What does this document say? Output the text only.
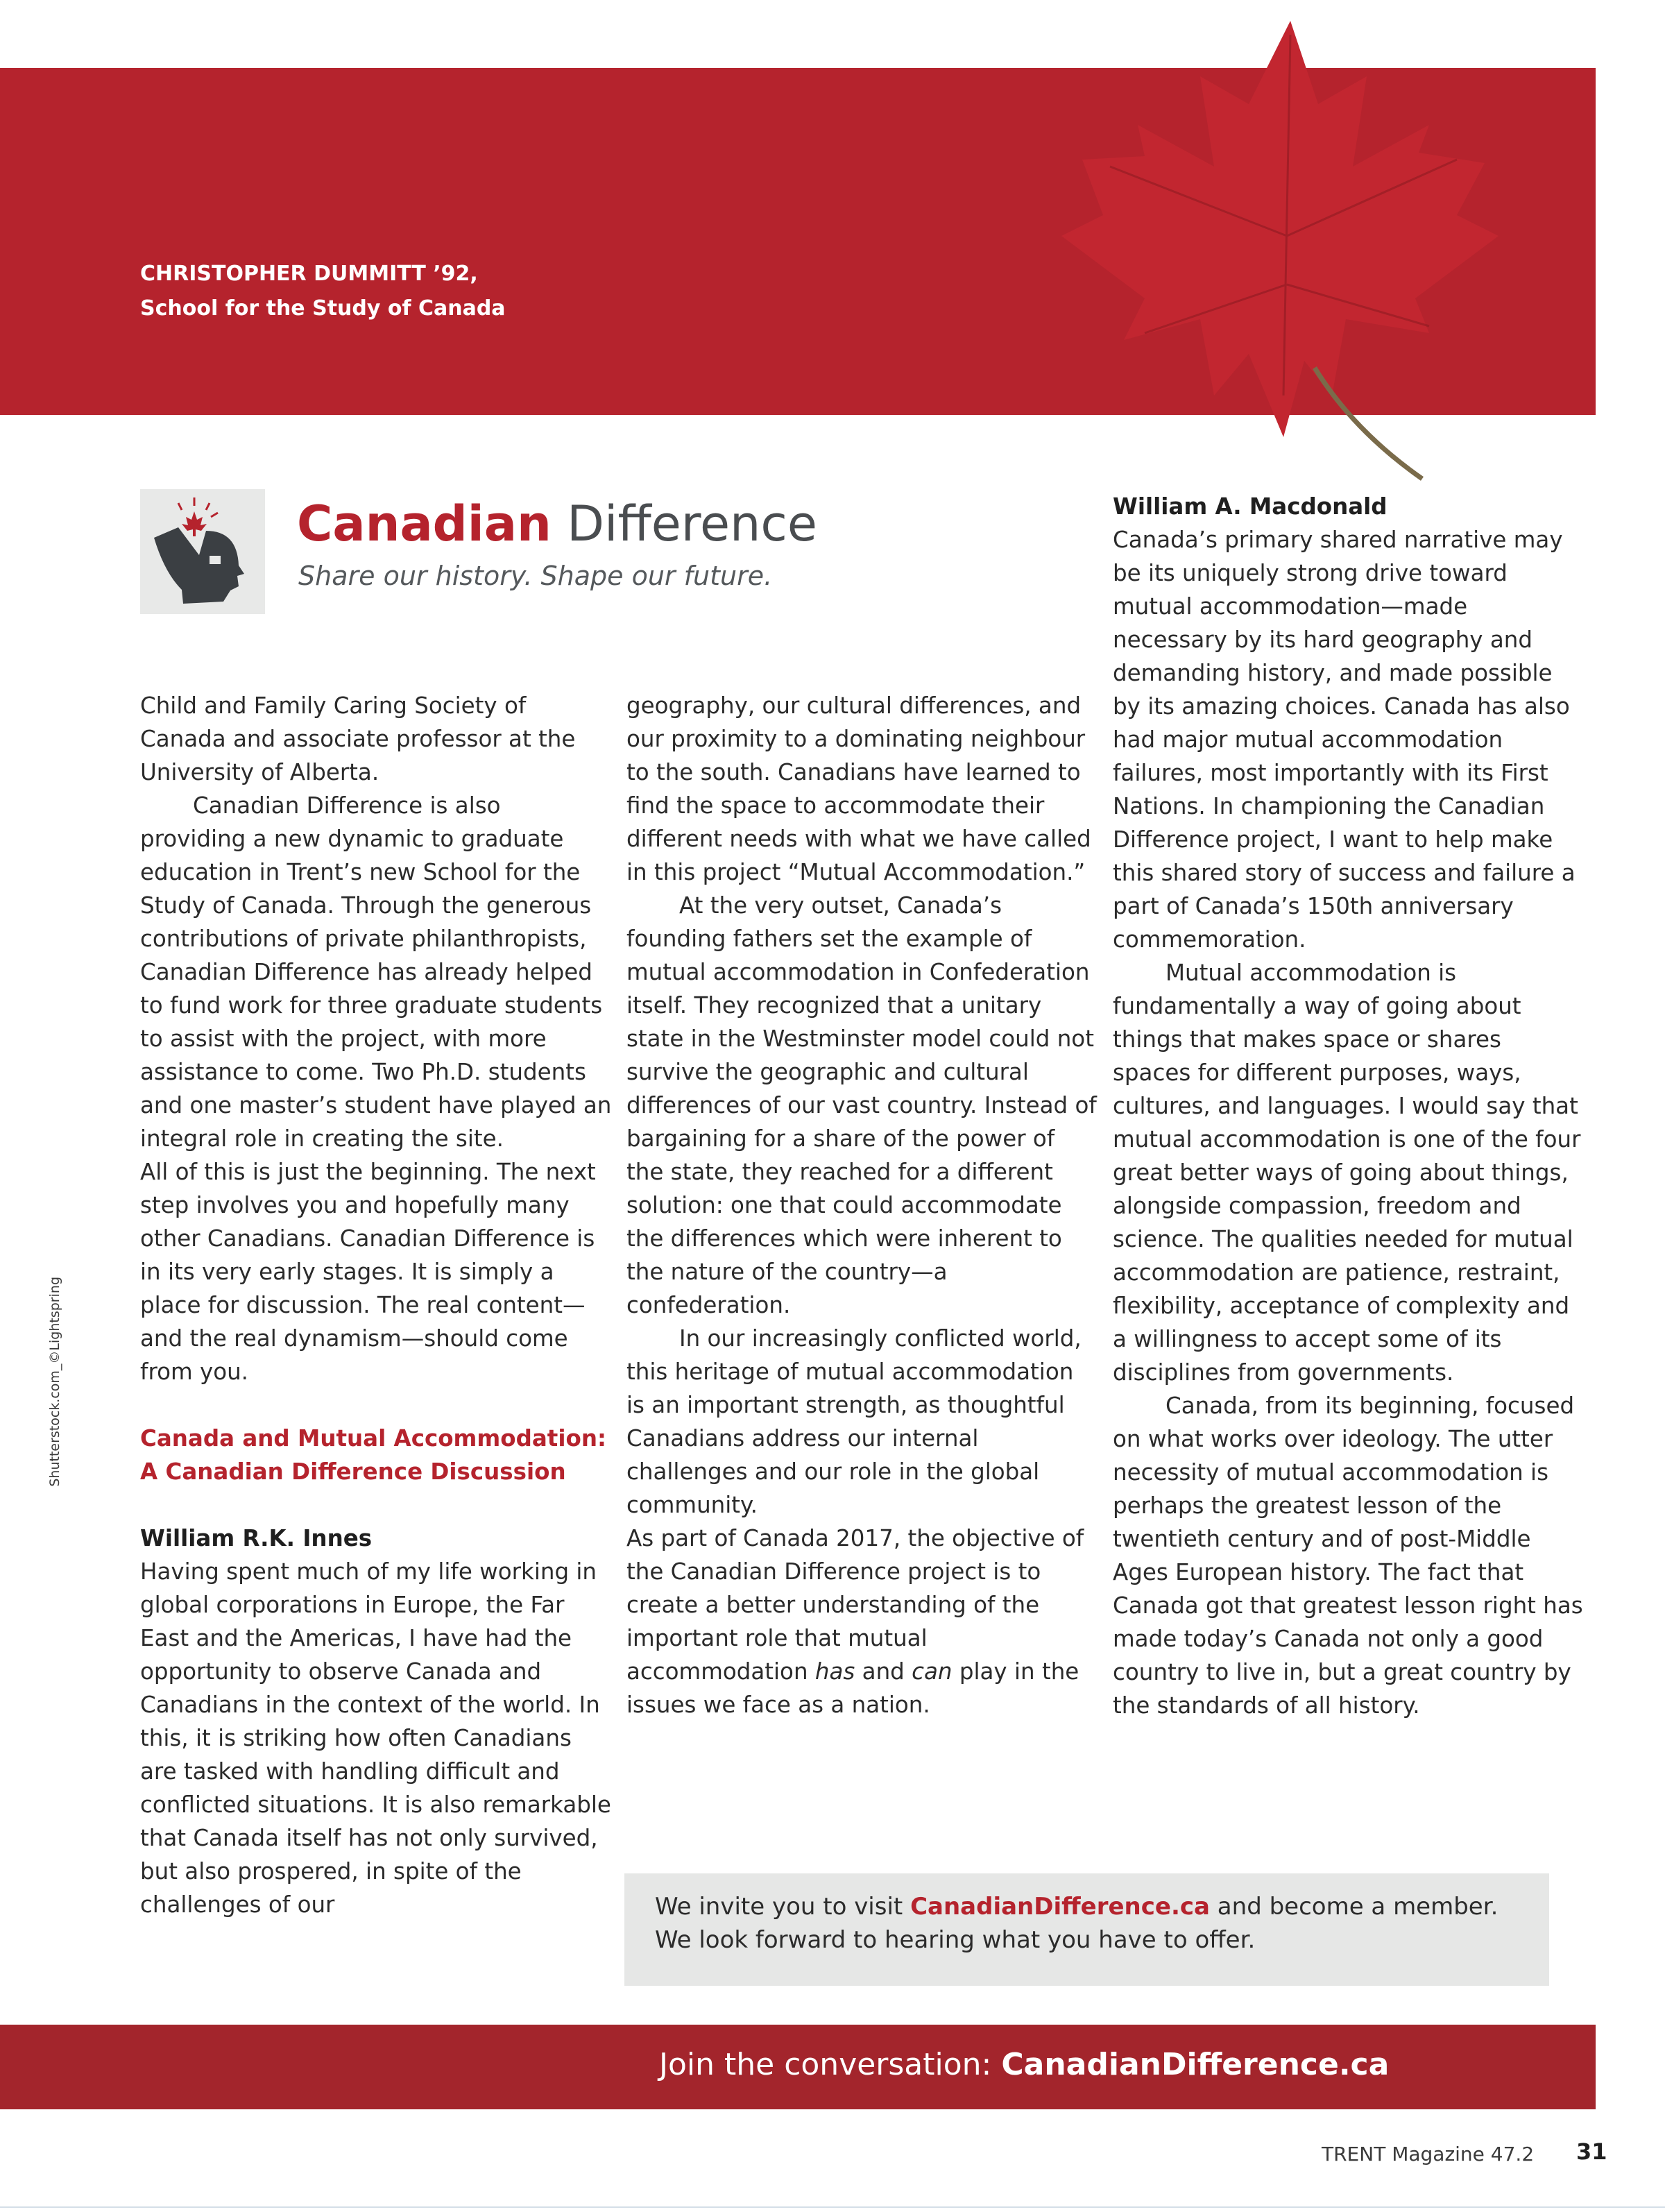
CHRISTOPHER DUMMITT ’92,
School for the Study of Canada
Canadian Difference
Share our history. Shape our future.

Child and Family Caring Society of Canada and associate professor at the University of Alberta.

Canadian Difference is also providing a new dynamic to graduate education in Trent’s new School for the Study of Canada. Through the generous contributions of private philanthropists, Canadian Difference has already helped to fund work for three graduate students to assist with the project, with more assistance to come. Two Ph.D. students and one master’s student have played an integral role in creating the site.

All of this is just the beginning. The next step involves you and hopefully many other Canadians. Canadian Difference is in its very early stages. It is simply a place for discussion. The real content—and the real dynamism—should come from you.

Canada and Mutual Accommodation:

A Canadian Difference Discussion

William R.K. Innes

Having spent much of my life working in global corporations in Europe, the Far East and the Americas, I have had the opportunity to observe Canada and Canadians in the context of the world. In this, it is striking how often Canadians are tasked with handling difficult and conflicted situations. It is also remarkable that Canada itself has not only survived, but also prospered, in spite of the challenges of our

geography, our cultural differences, and our proximity to a dominating neighbour to the south. Canadians have learned to find the space to accommodate their different needs with what we have called in this project “Mutual Accommodation.”

At the very outset, Canada’s founding fathers set the example of mutual accommodation in Confederation itself. They recognized that a unitary state in the Westminster model could not survive the geographic and cultural differences of our vast country. Instead of bargaining for a share of the power of the state, they reached for a different solution: one that could accommodate the differences which were inherent to the nature of the country—a confederation.

In our increasingly conflicted world, this heritage of mutual accommodation is an important strength, as thoughtful Canadians address our internal challenges and our role in the global community.

As part of Canada 2017, the objective of the Canadian Difference project is to create a better understanding of the important role that mutual accommodation has and can play in the issues we face as a nation.

William A. Macdonald

Canada’s primary shared narrative may be its uniquely strong drive toward mutual accommodation—made necessary by its hard geography and demanding history, and made possible by its amazing choices. Canada has also had major mutual accommodation failures, most importantly with its First Nations. In championing the Canadian Difference project, I want to help make this shared story of success and failure a part of Canada’s 150th anniversary commemoration.

Mutual accommodation is fundamentally a way of going about things that makes space or shares spaces for different purposes, ways, cultures, and languages. I would say that mutual accommodation is one of the four great better ways of going about things, alongside compassion, freedom and science. The qualities needed for mutual accommodation are patience, restraint, flexibility, acceptance of complexity and a willingness to accept some of its disciplines from governments.

Canada, from its beginning, focused on what works over ideology. The utter necessity of mutual accommodation is perhaps the greatest lesson of the twentieth century and of post-Middle Ages European history. The fact that Canada got that greatest lesson right has made today’s Canada not only a good country to live in, but a great country by the standards of all history.

We invite you to visit CanadianDifference.ca and become a member.
We look forward to hearing what you have to offer.
Join the conversation: CanadianDifference.ca
Shutterstock.com_©Lightspring
TRENT Magazine 47.2 31
